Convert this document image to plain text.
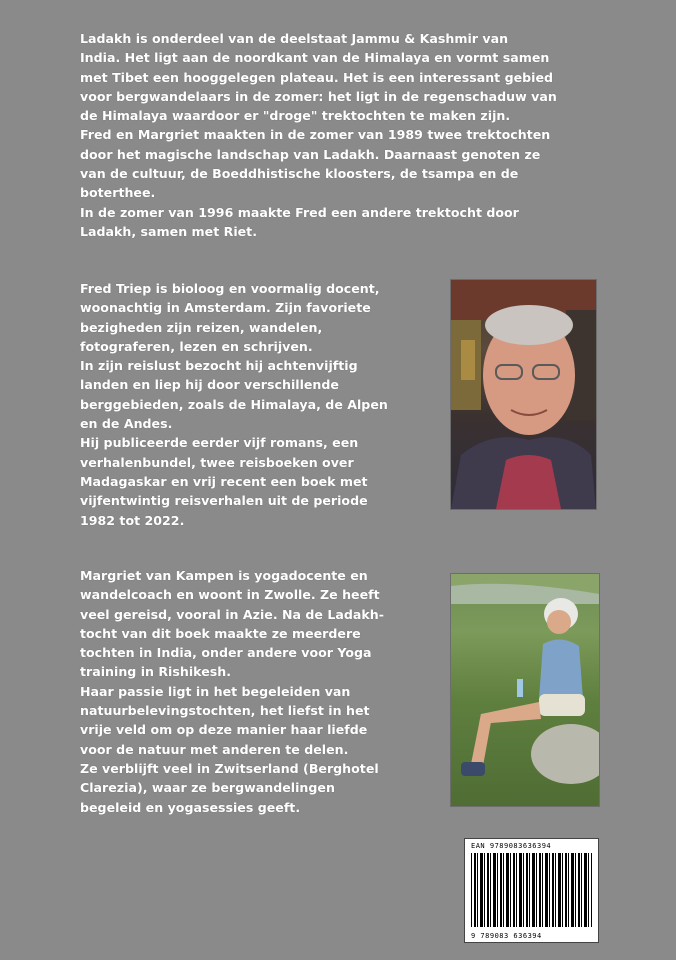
Ladakh is onderdeel van de deelstaat Jammu & Kashmir van
India. Het ligt aan de noordkant van de Himalaya en vormt samen
met Tibet een hooggelegen plateau. Het is een interessant gebied
voor bergwandelaars in de zomer: het ligt in de regenschaduw van
de Himalaya waardoor er "droge" trektochten te maken zijn.
Fred en Margriet maakten in de zomer van 1989 twee trektochten
door het magische landschap van Ladakh. Daarnaast genoten ze
van de cultuur, de Boeddhistische kloosters, de tsampa en de
boterthee.
In de zomer van 1996 maakte Fred een andere trektocht door
Ladakh, samen met Riet.
Fred Triep is bioloog en voormalig docent,
woonachtig in Amsterdam. Zijn favoriete
bezigheden zijn reizen, wandelen,
fotograferen, lezen en schrijven.
In zijn reislust bezocht hij achtenvijftig
landen en liep hij door verschillende
berggebieden, zoals de Himalaya, de Alpen
en de Andes.
Hij publiceerde eerder vijf romans, een
verhalenbundel, twee reisboeken over
Madagaskar en vrij recent een boek met
vijfentwintig reisverhalen uit de periode
1982 tot 2022.
Margriet van Kampen is yogadocente en
wandelcoach en woont in Zwolle. Ze heeft
veel gereisd, vooral in Azie. Na de Ladakh-
tocht van dit boek maakte ze meerdere
tochten in India, onder andere voor Yoga
training in Rishikesh.
Haar passie ligt in het begeleiden van
natuurbelevingstochten, het liefst in het
vrije veld om op deze manier haar liefde
voor de natuur met anderen te delen.
Ze verblijft veel in Zwitserland (Berghotel
Clarezia), waar ze bergwandelingen
begeleid en yogasessies geeft.
EAN 9789083636394
9 789083 636394
